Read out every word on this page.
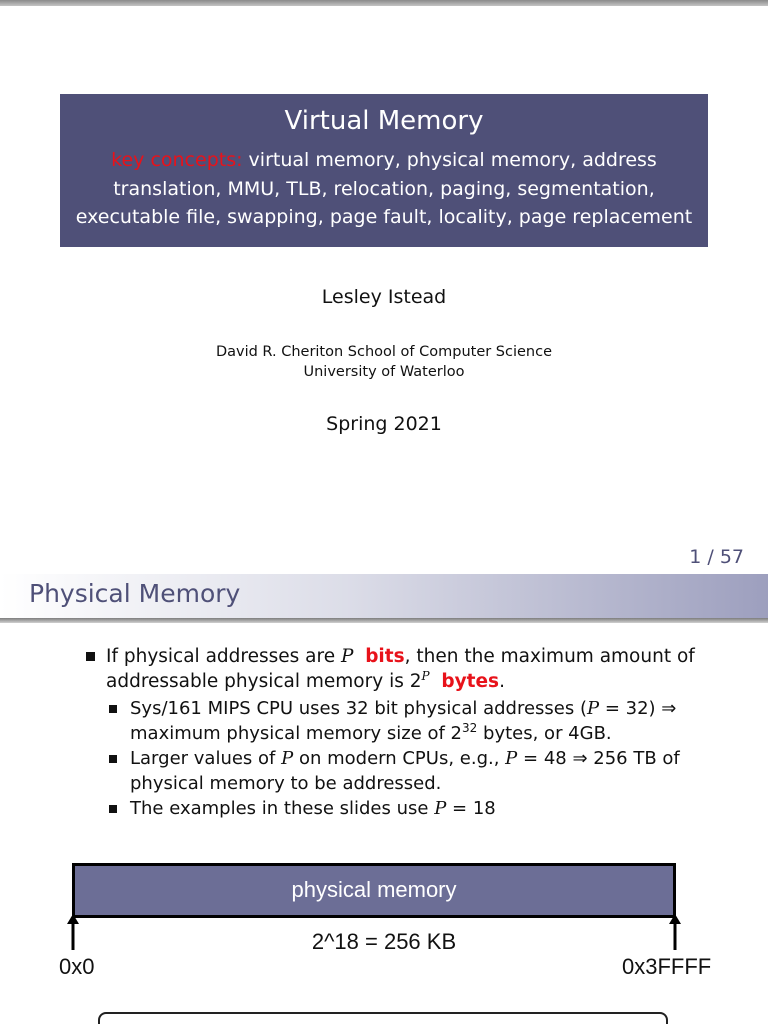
Virtual Memory
key concepts: virtual memory, physical memory, address translation, MMU, TLB, relocation, paging, segmentation, executable file, swapping, page fault, locality, page replacement
Lesley Istead
David R. Cheriton School of Computer Science
University of Waterloo
Spring 2021
1 / 57
Physical Memory
If physical addresses are P bits, then the maximum amount of addressable physical memory is $2^P$ bytes.
Sys/161 MIPS CPU uses 32 bit physical addresses (P = 32) ⇒ maximum physical memory size of $2^{32}$ bytes, or 4GB.
Larger values of P on modern CPUs, e.g., P = 48 ⇒ 256 TB of physical memory to be addressed.
The examples in these slides use P = 18
physical memory
2^18 = 256 KB
0x0	0x3FFFF
